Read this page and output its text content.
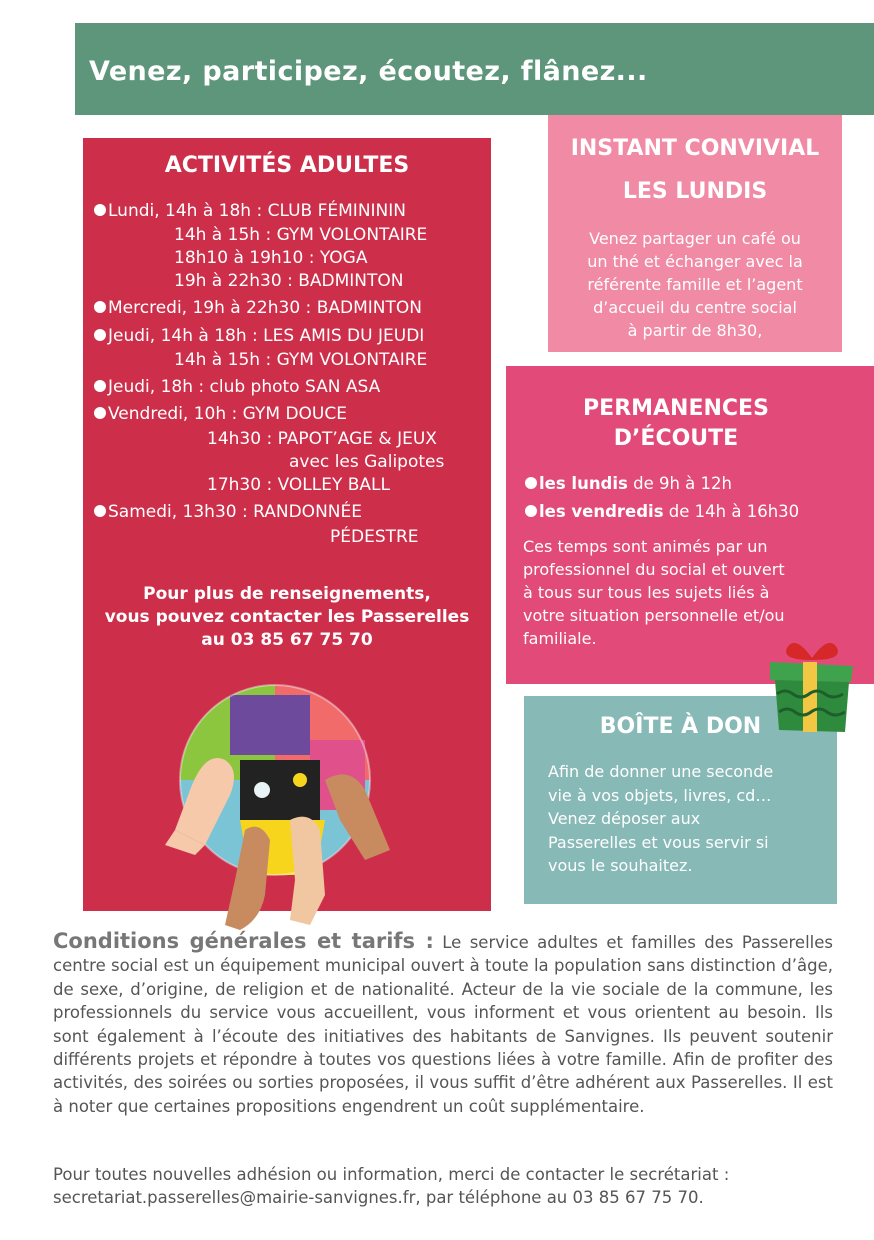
Venez, participez, écoutez, flânez...
ACTIVITÉS ADULTES
Lundi, 14h à 18h : CLUB FÉMINININ
14h à 15h : GYM VOLONTAIRE
18h10 à 19h10 : YOGA
19h à 22h30 : BADMINTON
Mercredi, 19h à 22h30 : BADMINTON
Jeudi, 14h à 18h : LES AMIS DU JEUDI
14h à 15h : GYM VOLONTAIRE
Jeudi, 18h : club photo SAN ASA
Vendredi, 10h : GYM DOUCE
14h30 : PAPOT’AGE & JEUX
avec les Galipotes
17h30 : VOLLEY BALL
Samedi, 13h30 : RANDONNÉE
PÉDESTRE
Pour plus de renseignements,
vous pouvez contacter les Passerelles
au 03 85 67 75 70
INSTANT CONVIVIAL
LES LUNDIS
Venez partager un café ou
un thé et échanger avec la
référente famille et l’agent
d’accueil du centre social
à partir de 8h30,
PERMANENCES
D’ÉCOUTE
les lundis de 9h à 12h
les vendredis de 14h à 16h30
Ces temps sont animés par un
professionnel du social et ouvert
à tous sur tous les sujets liés à
votre situation personnelle et/ou
familiale.
BOÎTE À DON
Afin de donner une seconde
vie à vos objets, livres, cd…
Venez déposer aux
Passerelles et vous servir si
vous le souhaitez.
Conditions générales et tarifs : Le service adultes et familles des Passerelles centre social est un équipement municipal ouvert à toute la population sans distinction d’âge, de sexe, d’origine, de religion et de nationalité. Acteur de la vie sociale de la commune, les professionnels du service vous accueillent, vous informent et vous orientent au besoin. Ils sont également à l’écoute des initiatives des habitants de Sanvignes. Ils peuvent soutenir différents projets et répondre à toutes vos questions liées à votre famille. Afin de profiter des activités, des soirées ou sorties proposées, il vous suffit d’être adhérent aux Passerelles. Il est à noter que certaines propositions engendrent un coût supplémentaire.
Pour toutes nouvelles adhésion ou information, merci de contacter le secrétariat : secretariat.passerelles@mairie-sanvignes.fr, par téléphone au 03 85 67 75 70.
